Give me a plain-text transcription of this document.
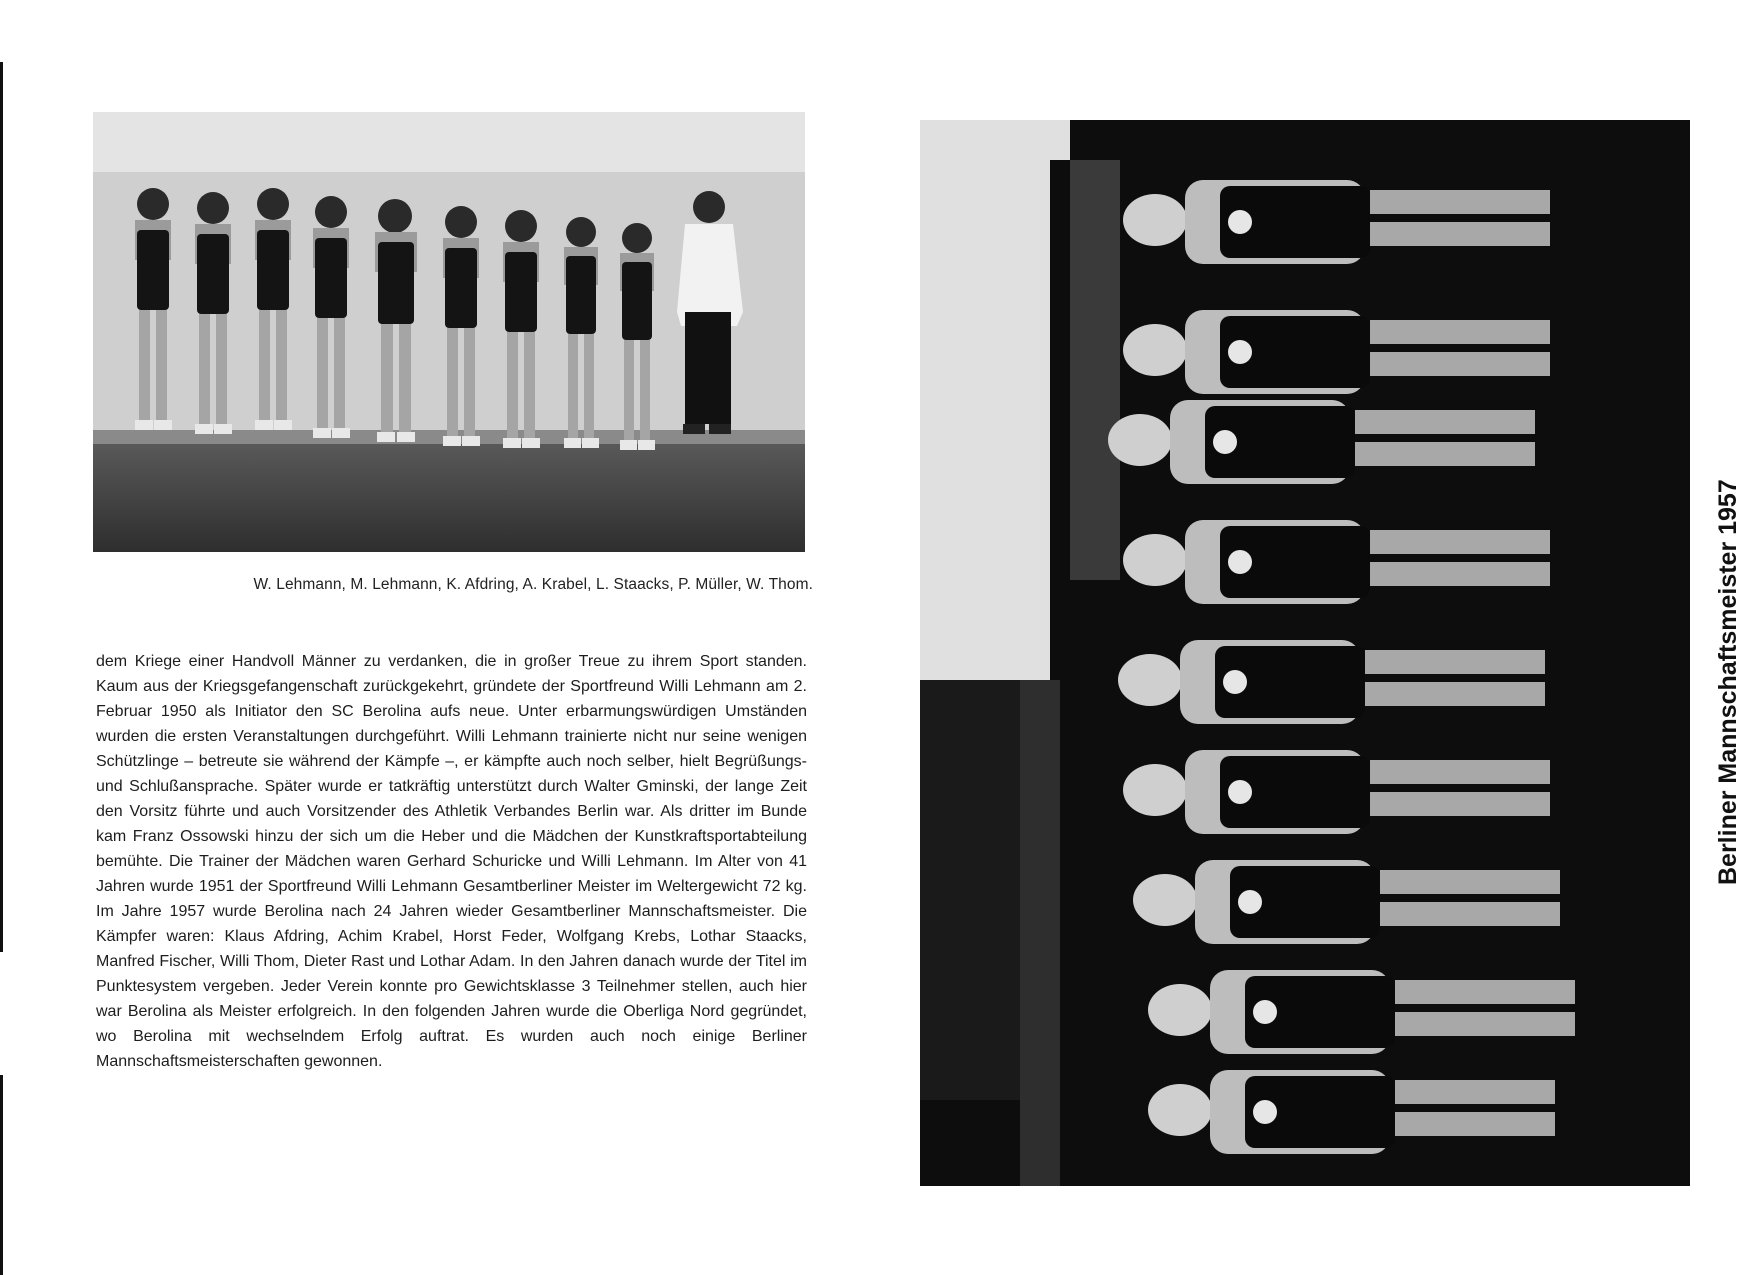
W. Lehmann, M. Lehmann, K. Afdring, A. Krabel, L. Staacks, P. Müller, W. Thom.

dem Kriege einer Handvoll Männer zu verdanken, die in großer Treue zu ihrem Sport standen. Kaum aus der Kriegsgefangenschaft zurückgekehrt, gründete der Sportfreund Willi Lehmann am 2. Februar 1950 als Initiator den SC Berolina aufs neue. Unter erbarmungswürdigen Umständen wurden die ersten Veranstaltungen durchgeführt. Willi Lehmann trainierte nicht nur seine wenigen Schützlinge – betreute sie während der Kämpfe –, er kämpfte auch noch selber, hielt Begrüßungs- und Schlußansprache. Später wurde er tatkräftig unterstützt durch Walter Gminski, der lange Zeit den Vorsitz führte und auch Vorsitzender des Athletik Verbandes Berlin war. Als dritter im Bunde kam Franz Ossowski hinzu der sich um die Heber und die Mädchen der Kunstkraftsportabteilung bemühte. Die Trainer der Mädchen waren Gerhard Schuricke und Willi Lehmann. Im Alter von 41 Jahren wurde 1951 der Sportfreund Willi Lehmann Gesamtberliner Meister im Weltergewicht 72 kg. Im Jahre 1957 wurde Berolina nach 24 Jahren wieder Gesamtberliner Mannschaftsmeister. Die Kämpfer waren: Klaus Afdring, Achim Krabel, Horst Feder, Wolfgang Krebs, Lothar Staacks, Manfred Fischer, Willi Thom, Dieter Rast und Lothar Adam. In den Jahren danach wurde der Titel im Punktesystem vergeben. Jeder Verein konnte pro Gewichtsklasse 3 Teilnehmer stellen, auch hier war Berolina als Meister erfolgreich. In den folgenden Jahren wurde die Oberliga Nord gegründet, wo Berolina mit wechselndem Erfolg auftrat. Es wurden auch noch einige Berliner Mannschaftsmeisterschaften gewonnen.

Berliner Mannschaftsmeister 1957
